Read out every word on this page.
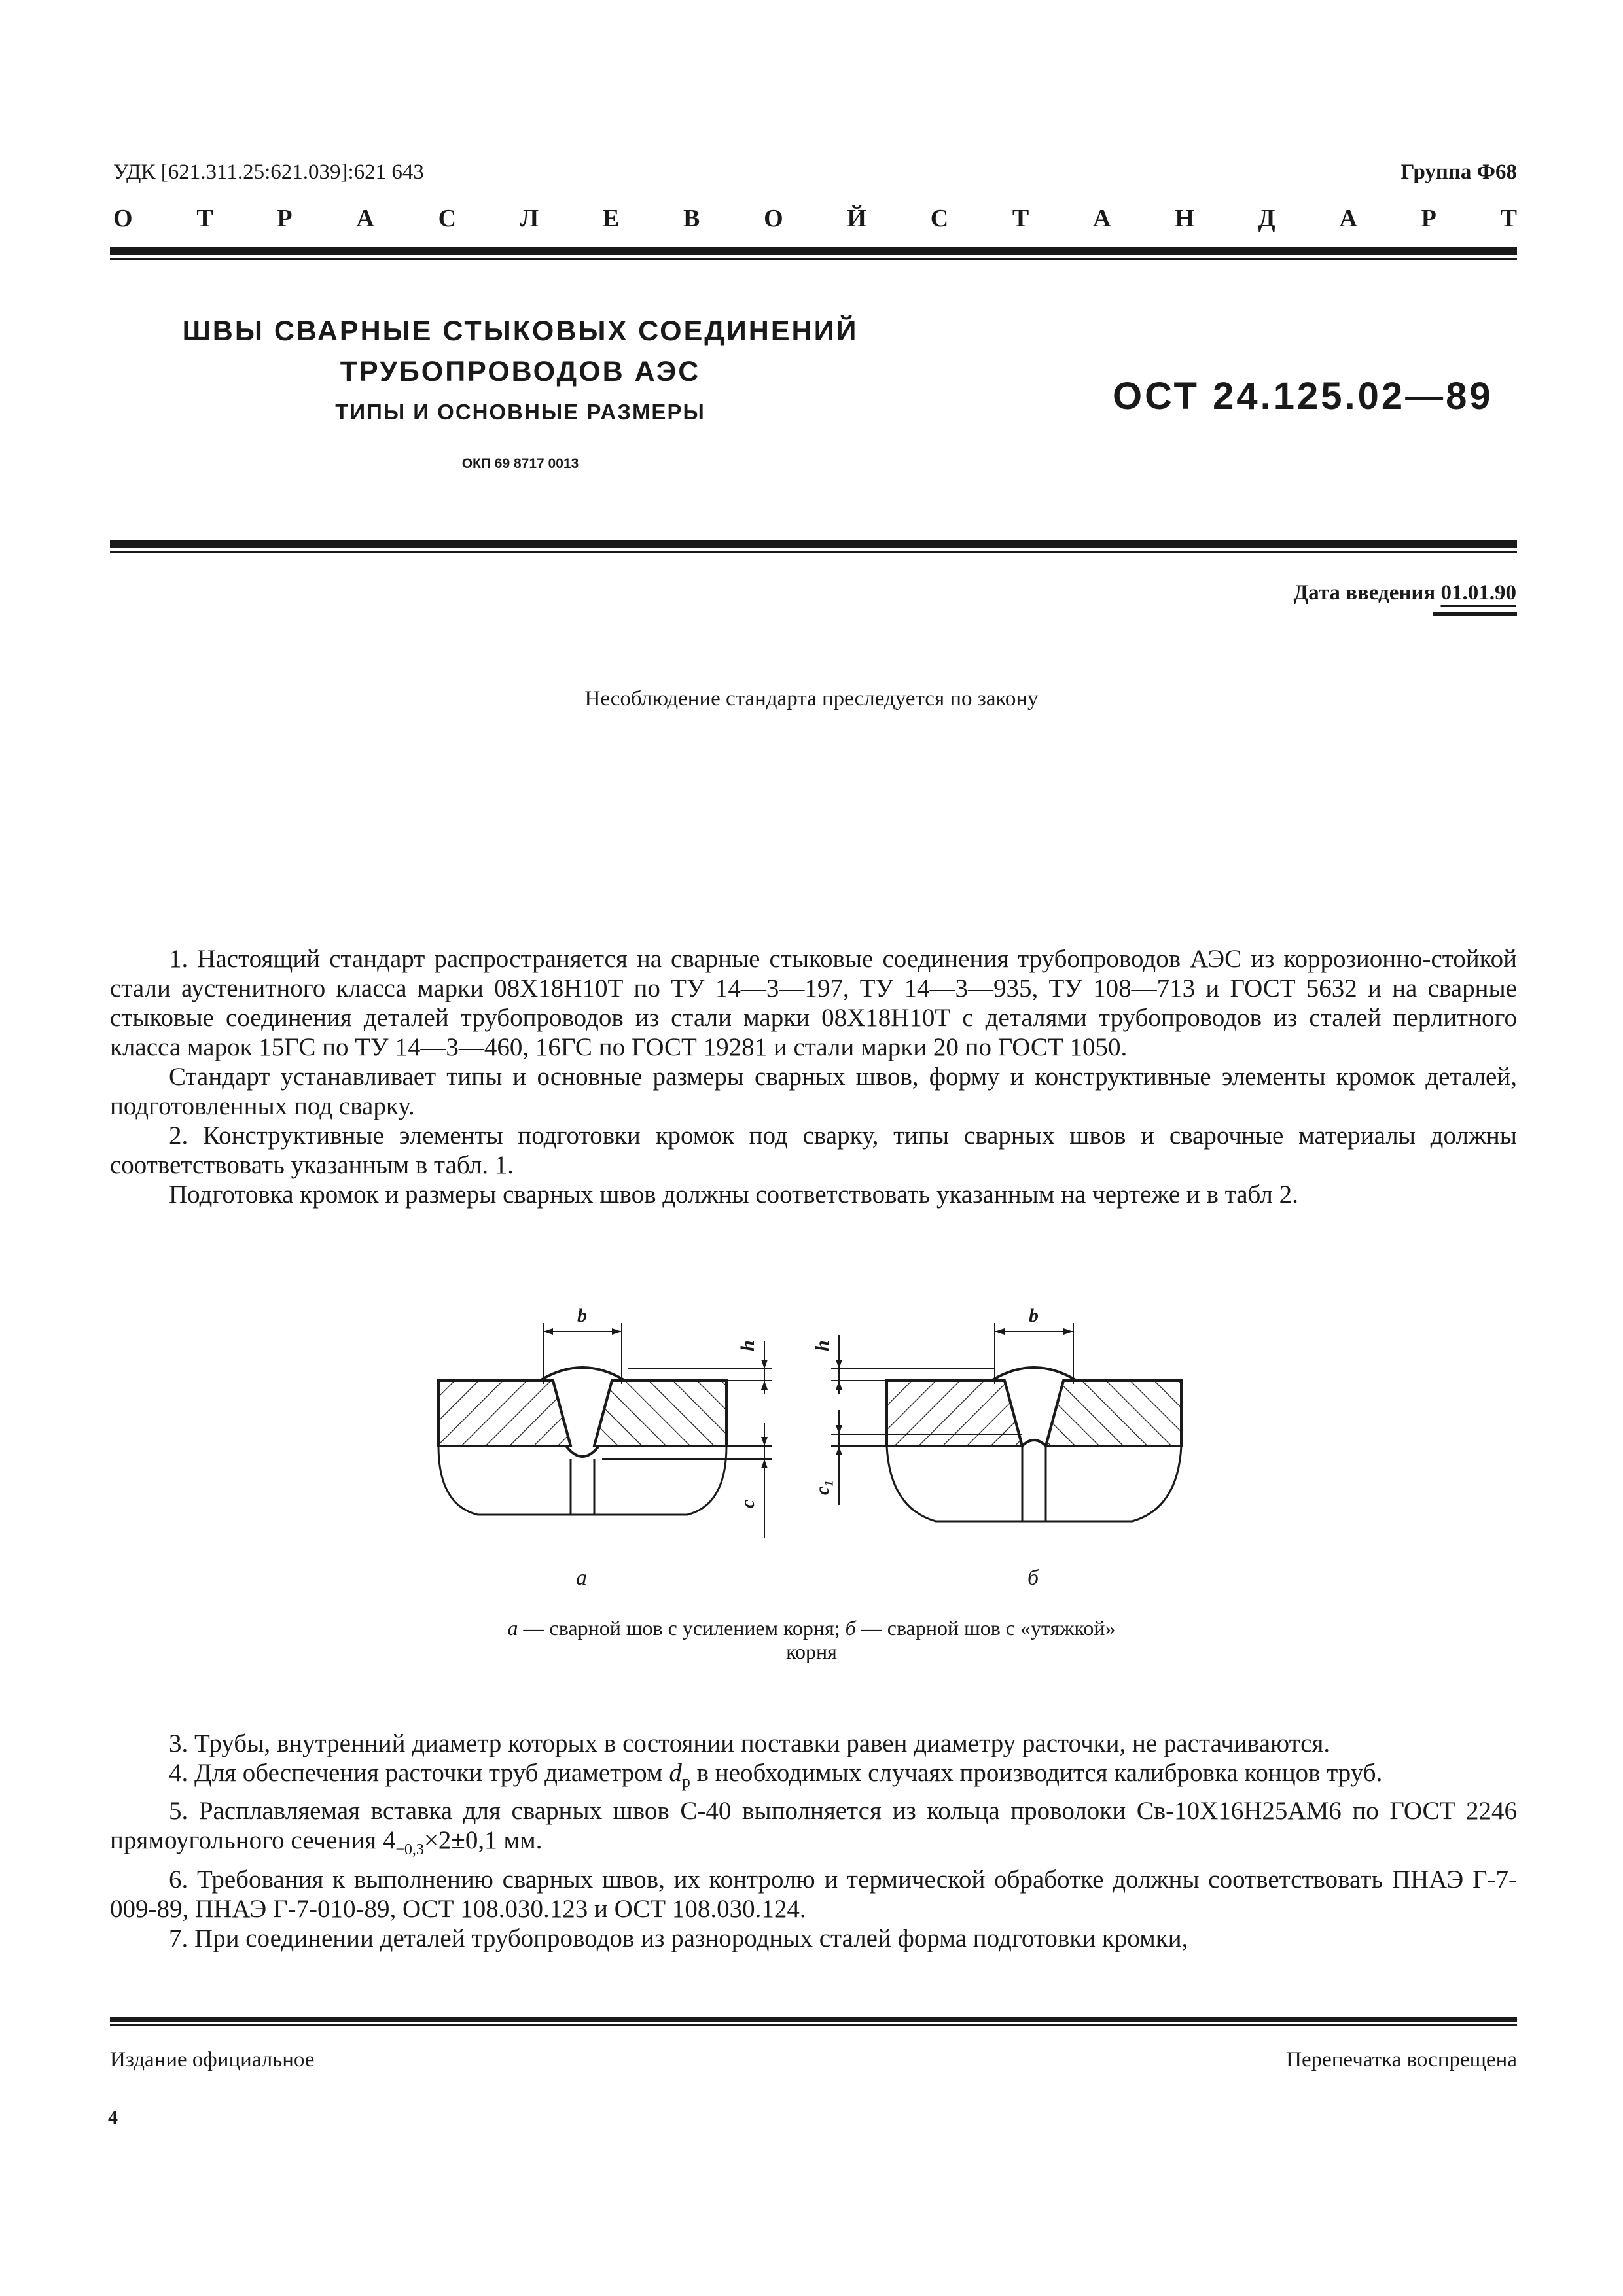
УДК [621.311.25:621.039]:621 643	Группа Ф68
О	Т	Р	А	С	Л	Е	В	О	Й	С	Т	А	Н	Д	А	Р	Т
ШВЫ СВАРНЫЕ СТЫКОВЫХ СОЕДИНЕНИЙ
ТРУБОПРОВОДОВ АЭС
ТИПЫ И ОСНОВНЫЕ РАЗМЕРЫ
ОКП 69 8717 0013
ОСТ 24.125.02—89
Дата введения 01.01.90
Несоблюдение стандарта преследуется по закону

1. Настоящий стандарт распространяется на сварные стыковые соединения трубопроводов АЭС из коррозионно-стойкой стали аустенитного класса марки 08Х18Н10Т по ТУ 14—3—197, ТУ 14—3—935, ТУ 108—713 и ГОСТ 5632 и на сварные стыковые соединения деталей трубопроводов из стали марки 08Х18Н10Т с деталями трубопроводов из сталей перлитного класса марок 15ГС по ТУ 14—3—460, 16ГС по ГОСТ 19281 и стали марки 20 по ГОСТ 1050.

Стандарт устанавливает типы и основные размеры сварных швов, форму и конструктивные элементы кромок деталей, подготовленных под сварку.

2. Конструктивные элементы подготовки кромок под сварку, типы сварных швов и сварочные материалы должны соответствовать указанным в табл. 1.

Подготовка кромок и размеры сварных швов должны соответствовать указанным на чертеже и в табл 2.

b
h
c
b
h
c₁
а	б
а — сварной шов с усилением корня; б — сварной шов с «утяжкой»
корня

3. Трубы, внутренний диаметр которых в состоянии поставки равен диаметру расточки, не растачиваются.

4. Для обеспечения расточки труб диаметром $d_р$ в необходимых случаях производится калибровка концов труб.

5. Расплавляемая вставка для сварных швов С-40 выполняется из кольца проволоки Св-10Х16Н25АМ6 по ГОСТ 2246 прямоугольного сечения $4_{-0,3}\times 2\pm 0,1$ мм.

6. Требования к выполнению сварных швов, их контролю и термической обработке должны соответствовать ПНАЭ Г-7-009-89, ПНАЭ Г-7-010-89, ОСТ 108.030.123 и ОСТ 108.030.124.

7. При соединении деталей трубопроводов из разнородных сталей форма подготовки кромки,

Издание официальное	Перепечатка воспрещена
4
